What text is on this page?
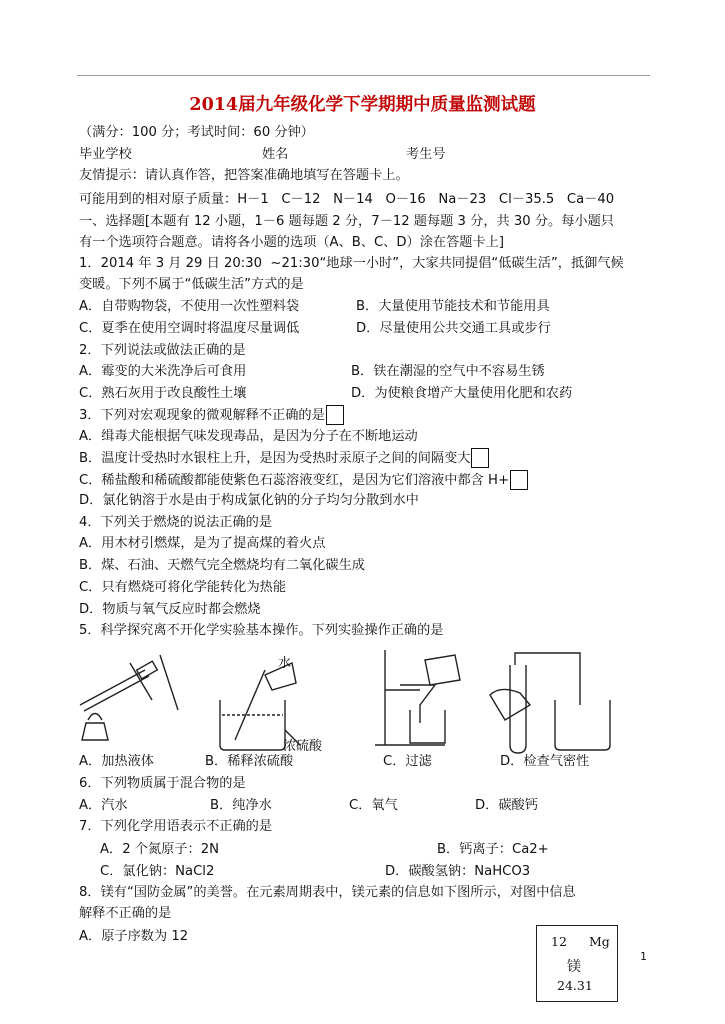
2014届九年级化学下学期期中质量监测试题
（满分：100 分；考试时间：60 分钟）
毕业学校	姓名	考生号
友情提示：请认真作答，把答案准确地填写在答题卡上。
可能用到的相对原子质量：H－1   C－12   N－14   O－16   Na－23   Cl－35.5   Ca－40
一、选择题[本题有 12 小题，1－6 题每题 2 分，7－12 题每题 3 分，共 30 分。每小题只
有一个选项符合题意。请将各小题的选项（A、B、C、D）涂在答题卡上]
1．2014 年 3 月 29 日 20:30  ~21:30“地球一小时”，大家共同提倡“低碳生活”，抵御气候
变暖。下列不属于“低碳生活”方式的是
A．自带购物袋，不使用一次性塑料袋	B．大量使用节能技术和节能用具
C．夏季在使用空调时将温度尽量调低	D．尽量使用公共交通工具或步行
2．下列说法或做法正确的是
A．霉变的大米洗净后可食用	B．铁在潮湿的空气中不容易生锈
C．熟石灰用于改良酸性土壤	D．为使粮食增产大量使用化肥和农药
3．下列对宏观现象的微观解释不正确的是
A．缉毒犬能根据气味发现毒品，是因为分子在不断地运动
B．温度计受热时水银柱上升，是因为受热时汞原子之间的间隔变大
C．稀盐酸和稀硫酸都能使紫色石蕊溶液变红，是因为它们溶液中都含 H+
D．氯化钠溶于水是由于构成氯化钠的分子均匀分散到水中
4．下列关于燃烧的说法正确的是
A．用木材引燃煤，是为了提高煤的着火点
B．煤、石油、天燃气完全燃烧均有二氧化碳生成
C．只有燃烧可将化学能转化为热能
D．物质与氧气反应时都会燃烧
5．科学探究离不开化学实验基本操作。下列实验操作正确的是
水
浓硫酸
A．加热液体	B．稀释浓硫酸	C．过滤	D．检查气密性
6．下列物质属于混合物的是
A．汽水	B．纯净水	C．氧气	D．碳酸钙
7．下列化学用语表示不正确的是
A．2 个氮原子：2N	B．钙离子：Ca2+
C．氯化钠：NaCl2	D．碳酸氢钠：NaHCO3
8．镁有“国防金属”的美誉。在元素周期表中，镁元素的信息如下图所示，对图中信息
解释不正确的是
A．原子序数为 12	12 Mg
镁
24.31
1
